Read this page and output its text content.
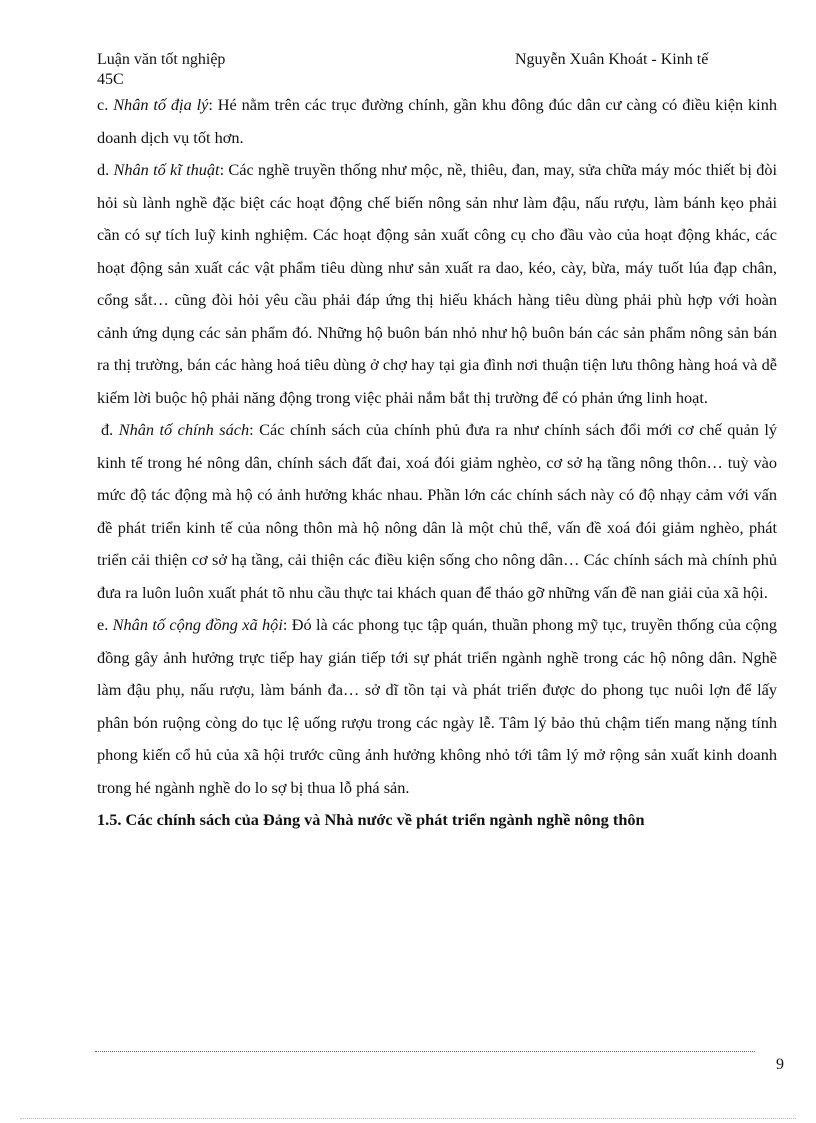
Luận văn tốt nghiệp
45C
Nguyễn Xuân Khoát - Kinh tế

c. Nhân tố địa lý: Hé nằm trên các trục đường chính, gần khu đông đúc dân cư càng có điều kiện kinh doanh dịch vụ tốt hơn.

d. Nhân tố kĩ thuật: Các nghề truyền thống như mộc, nề, thiêu, đan, may, sửa chữa máy móc thiết bị đòi hỏi sù lành nghề đặc biệt các hoạt động chế biến nông sản như làm đậu, nấu rượu, làm bánh kẹo phải cần có sự tích luỹ kinh nghiệm. Các hoạt động sản xuất công cụ cho đầu vào của hoạt động khác, các hoạt động sản xuất các vật phẩm tiêu dùng như sản xuất ra dao, kéo, cày, bừa, máy tuốt lúa đạp chân, cổng sắt… cũng đòi hỏi yêu cầu phải đáp ứng thị hiếu khách hàng tiêu dùng phải phù hợp với hoàn cảnh ứng dụng các sản phẩm đó. Những hộ buôn bán nhỏ như hộ buôn bán các sản phẩm nông sản bán ra thị trường, bán các hàng hoá tiêu dùng ở chợ hay tại gia đình nơi thuận tiện lưu thông hàng hoá và dễ kiếm lời buộc hộ phải năng động trong việc phải nắm bắt thị trường để có phản ứng linh hoạt.

đ. Nhân tố chính sách: Các chính sách của chính phủ đưa ra như chính sách đổi mới cơ chế quản lý kinh tế trong hé nông dân, chính sách đất đai, xoá đói giảm nghèo, cơ sở hạ tầng nông thôn… tuỳ vào mức độ tác động mà hộ có ảnh hưởng khác nhau. Phần lớn các chính sách này có độ nhạy cảm với vấn đề phát triển kinh tế của nông thôn mà hộ nông dân là một chủ thể, vấn đề xoá đói giảm nghèo, phát triển cải thiện cơ sở hạ tầng, cải thiện các điều kiện sống cho nông dân… Các chính sách mà chính phủ đưa ra luôn luôn xuất phát tõ nhu cầu thực tai khách quan để tháo gỡ những vấn đề nan giải của xã hội.

e. Nhân tố cộng đồng xã hội: Đó là các phong tục tập quán, thuần phong mỹ tục, truyền thống của cộng đồng gây ảnh hưởng trực tiếp hay gián tiếp tới sự phát triển ngành nghề trong các hộ nông dân. Nghề làm đậu phụ, nấu rượu, làm bánh đa… sở dĩ tồn tại và phát triển được do phong tục nuôi lợn để lấy phân bón ruộng còng do tục lệ uống rượu trong các ngày lễ. Tâm lý bảo thủ chậm tiến mang nặng tính phong kiến cổ hủ của xã hội trước cũng ảnh hưởng không nhỏ tới tâm lý mở rộng sản xuất kinh doanh trong hé ngành nghề do lo sợ bị thua lỗ phá sản.

1.5. Các chính sách của Đảng và Nhà nước về phát triển ngành nghề nông thôn

9
